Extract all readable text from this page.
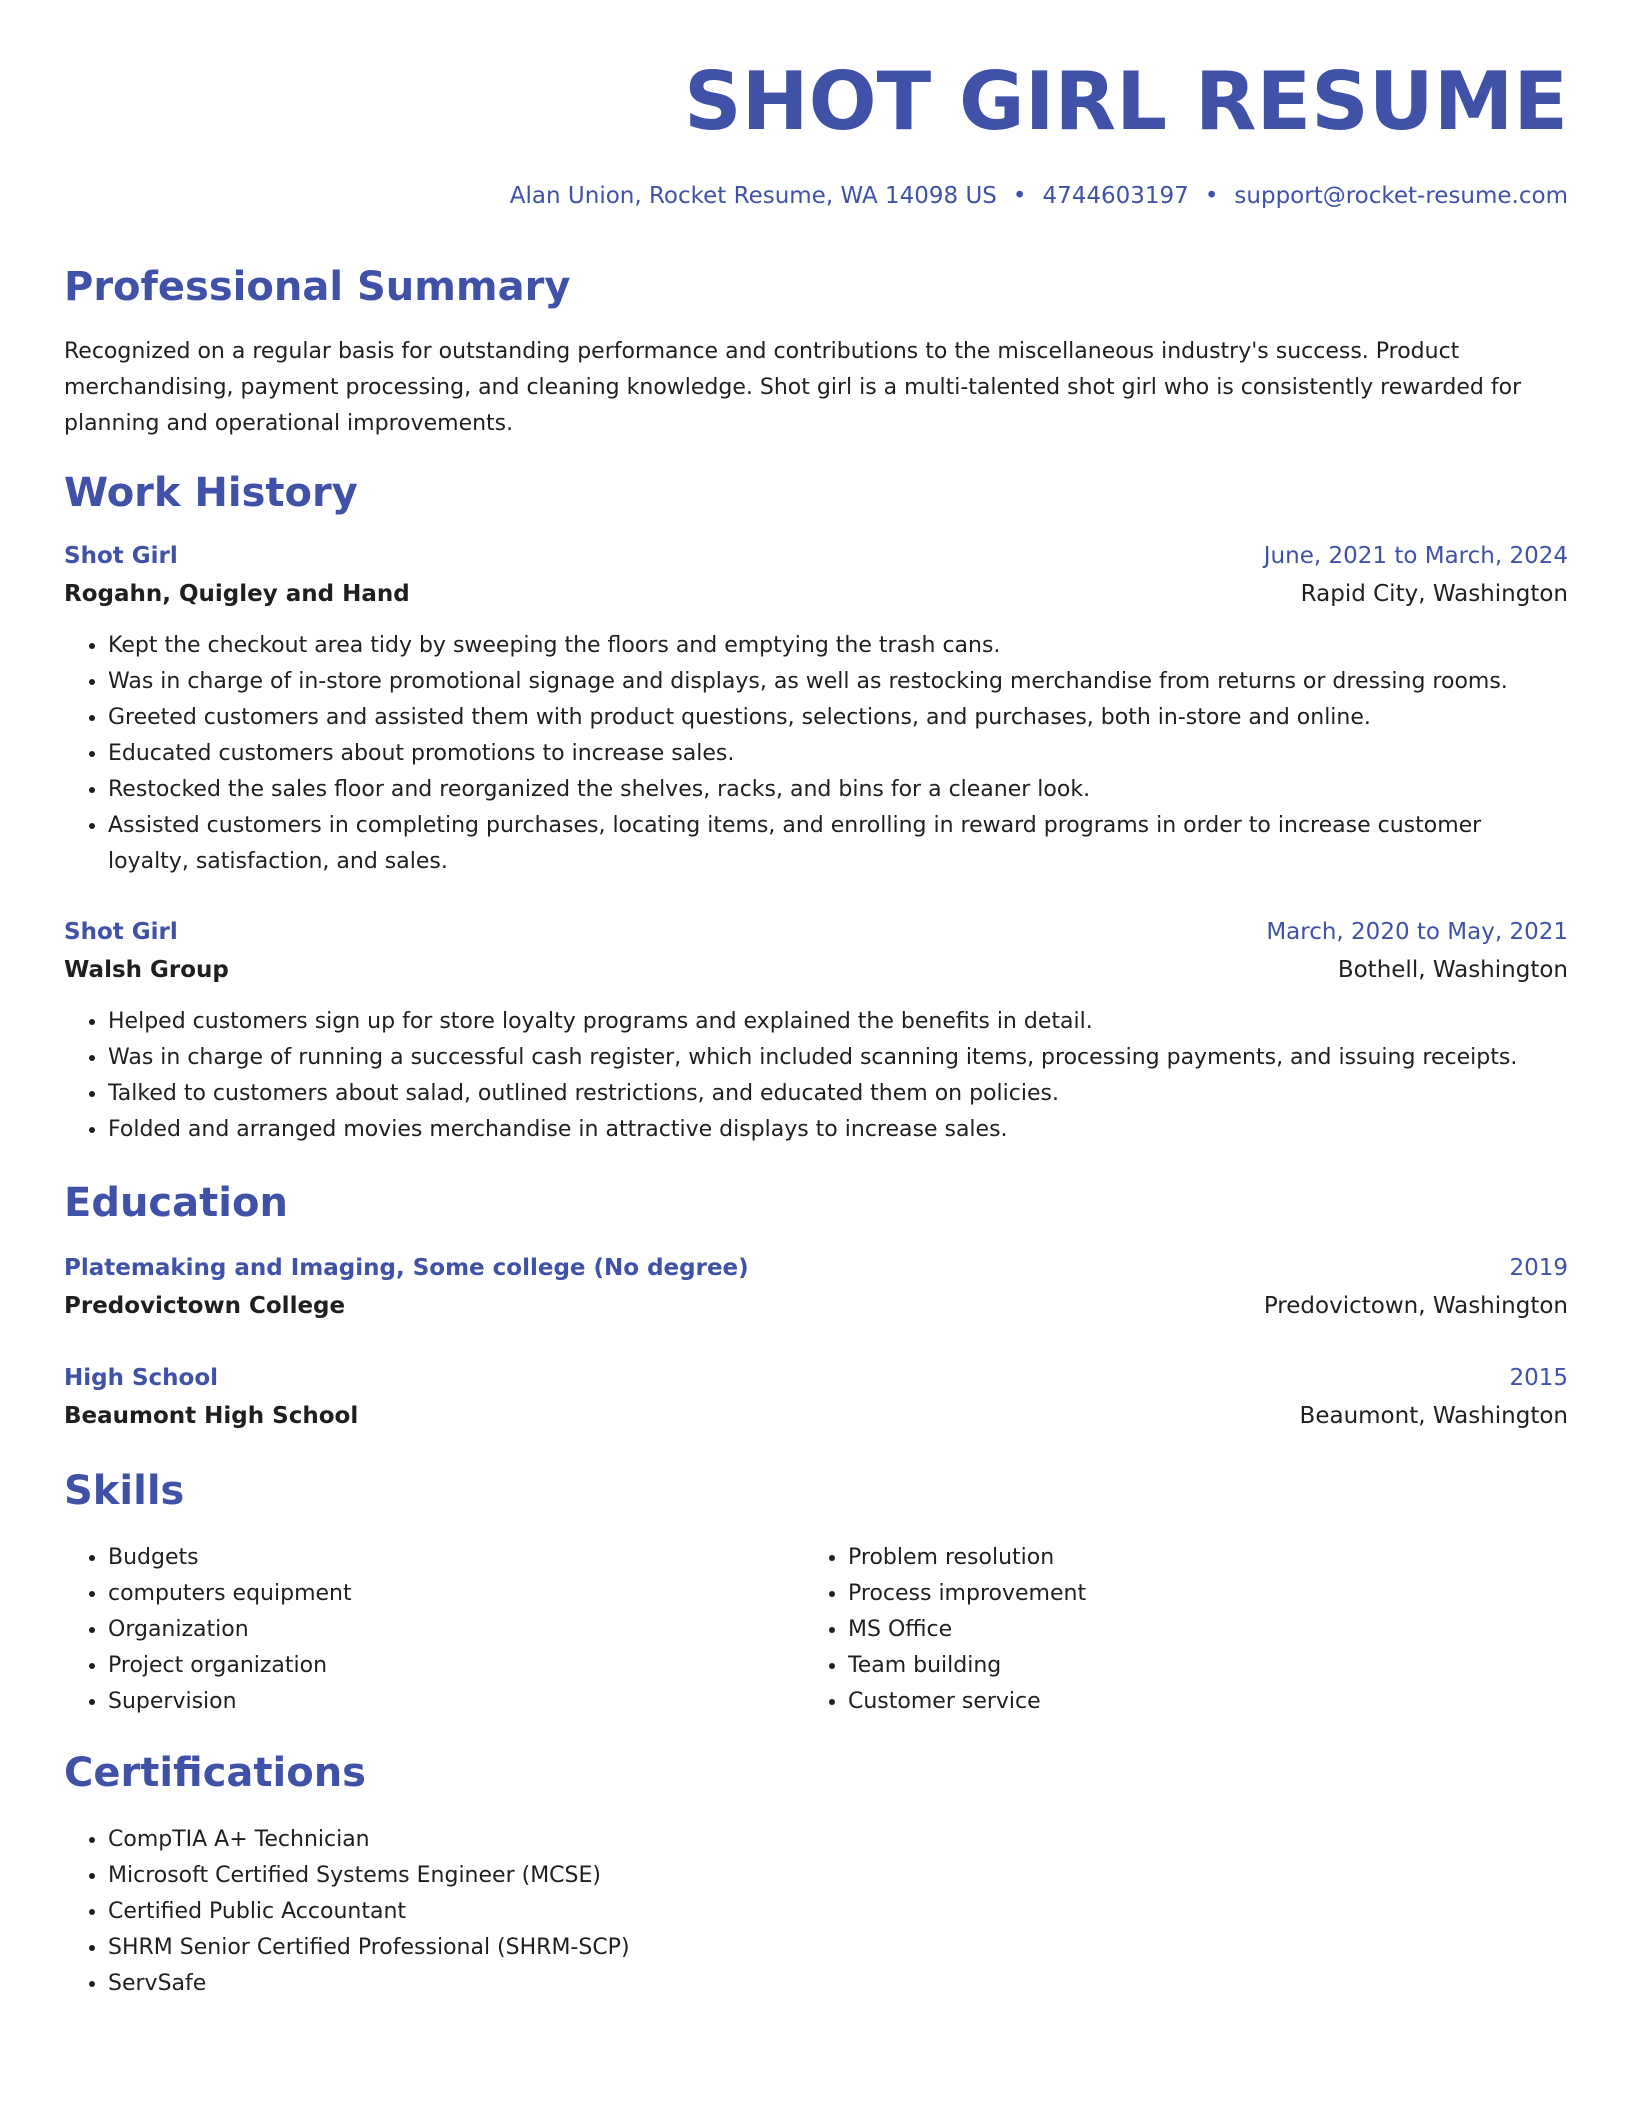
SHOT GIRL RESUME
Alan Union, Rocket Resume, WA 14098 US • 4744603197 • support@rocket-resume.com
Professional Summary

Recognized on a regular basis for outstanding performance and contributions to the miscellaneous industry's success. Product merchandising, payment processing, and cleaning knowledge. Shot girl is a multi-talented shot girl who is consistently rewarded for planning and operational improvements.

Work History
Shot Girl	June, 2021 to March, 2024
Rogahn, Quigley and Hand	Rapid City, Washington
• Kept the checkout area tidy by sweeping the floors and emptying the trash cans.
• Was in charge of in-store promotional signage and displays, as well as restocking merchandise from returns or dressing rooms.
• Greeted customers and assisted them with product questions, selections, and purchases, both in-store and online.
• Educated customers about promotions to increase sales.
• Restocked the sales floor and reorganized the shelves, racks, and bins for a cleaner look.
• Assisted customers in completing purchases, locating items, and enrolling in reward programs in order to increase customer loyalty, satisfaction, and sales.
Shot Girl	March, 2020 to May, 2021
Walsh Group	Bothell, Washington
• Helped customers sign up for store loyalty programs and explained the benefits in detail.
• Was in charge of running a successful cash register, which included scanning items, processing payments, and issuing receipts.
• Talked to customers about salad, outlined restrictions, and educated them on policies.
• Folded and arranged movies merchandise in attractive displays to increase sales.
Education
Platemaking and Imaging, Some college (No degree)	2019
Predovictown College	Predovictown, Washington
High School	2015
Beaumont High School	Beaumont, Washington
Skills
• Budgets
• computers equipment
• Organization
• Project organization
• Supervision
• Problem resolution
• Process improvement
• MS Office
• Team building
• Customer service
Certifications
• CompTIA A+ Technician
• Microsoft Certified Systems Engineer (MCSE)
• Certified Public Accountant
• SHRM Senior Certified Professional (SHRM-SCP)
• ServSafe
